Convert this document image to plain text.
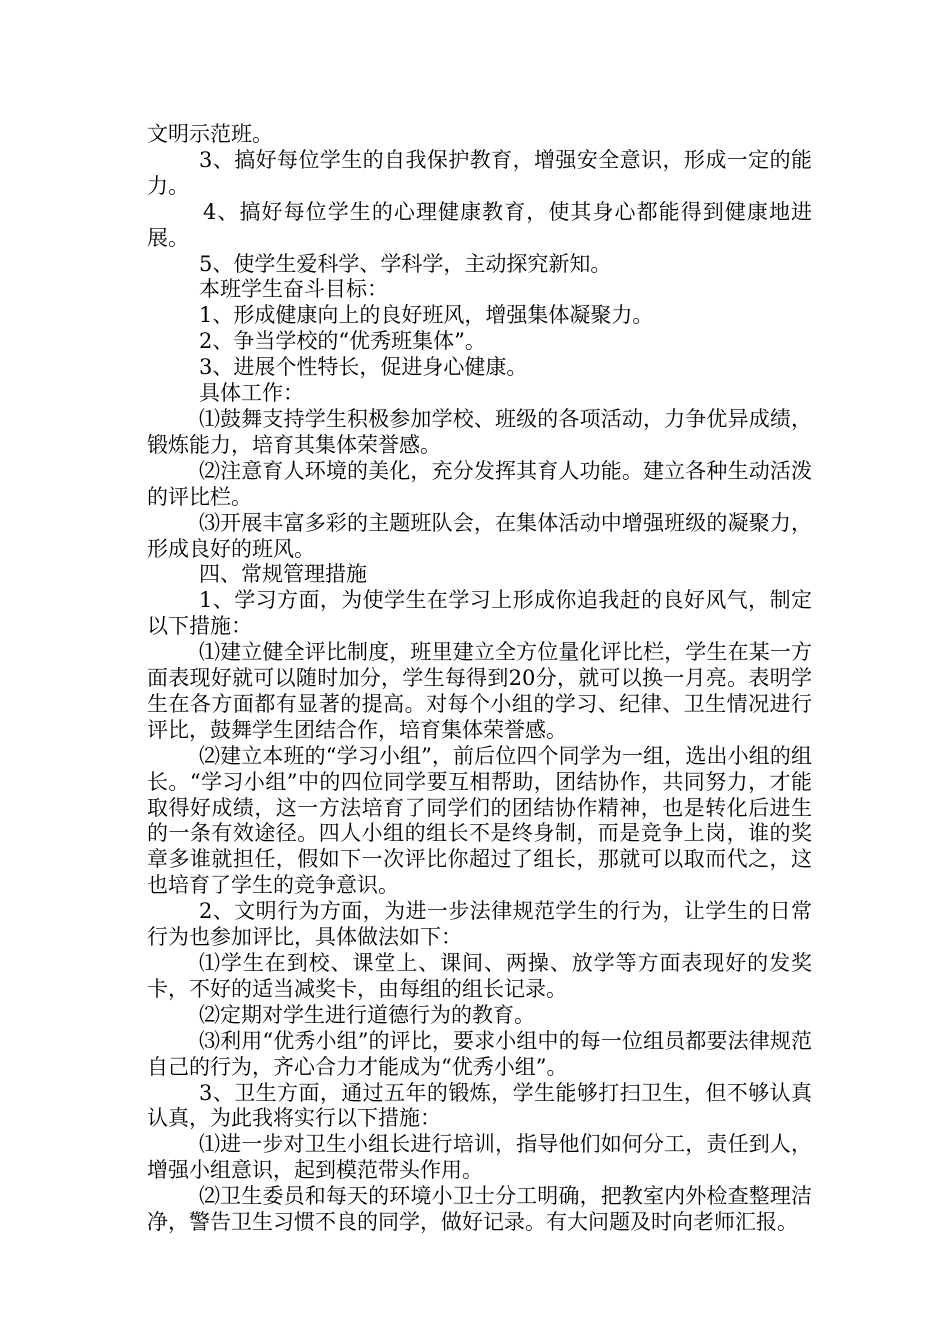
文明示范班。

3、搞好每位学生的自我保护教育，增强安全意识，形成一定的能力。

4、搞好每位学生的心理健康教育，使其身心都能得到健康地进展。

5、使学生爱科学、学科学，主动探究新知。

本班学生奋斗目标：

1、形成健康向上的良好班风，增强集体凝聚力。

2、争当学校的“优秀班集体”。

3、进展个性特长，促进身心健康。

具体工作：

⑴鼓舞支持学生积极参加学校、班级的各项活动，力争优异成绩，锻炼能力，培育其集体荣誉感。

⑵注意育人环境的美化，充分发挥其育人功能。建立各种生动活泼的评比栏。

⑶开展丰富多彩的主题班队会，在集体活动中增强班级的凝聚力，形成良好的班风。

四、常规管理措施

1、学习方面，为使学生在学习上形成你追我赶的良好风气，制定以下措施：

⑴建立健全评比制度，班里建立全方位量化评比栏，学生在某一方面表现好就可以随时加分，学生每得到20分，就可以换一月亮。表明学生在各方面都有显著的提高。对每个小组的学习、纪律、卫生情况进行评比，鼓舞学生团结合作，培育集体荣誉感。

⑵建立本班的“学习小组”，前后位四个同学为一组，选出小组的组长。“学习小组”中的四位同学要互相帮助，团结协作，共同努力，才能取得好成绩，这一方法培育了同学们的团结协作精神，也是转化后进生的一条有效途径。四人小组的组长不是终身制，而是竞争上岗，谁的奖章多谁就担任，假如下一次评比你超过了组长，那就可以取而代之，这也培育了学生的竞争意识。

2、文明行为方面，为进一步法律规范学生的行为，让学生的日常行为也参加评比，具体做法如下：

⑴学生在到校、课堂上、课间、两操、放学等方面表现好的发奖卡，不好的适当减奖卡，由每组的组长记录。

⑵定期对学生进行道德行为的教育。

⑶利用“优秀小组”的评比，要求小组中的每一位组员都要法律规范自己的行为，齐心合力才能成为“优秀小组”。

3、卫生方面，通过五年的锻炼，学生能够打扫卫生，但不够认真认真，为此我将实行以下措施：

⑴进一步对卫生小组长进行培训，指导他们如何分工，责任到人，增强小组意识，起到模范带头作用。

⑵卫生委员和每天的环境小卫士分工明确，把教室内外检查整理洁净，警告卫生习惯不良的同学，做好记录。有大问题及时向老师汇报。
